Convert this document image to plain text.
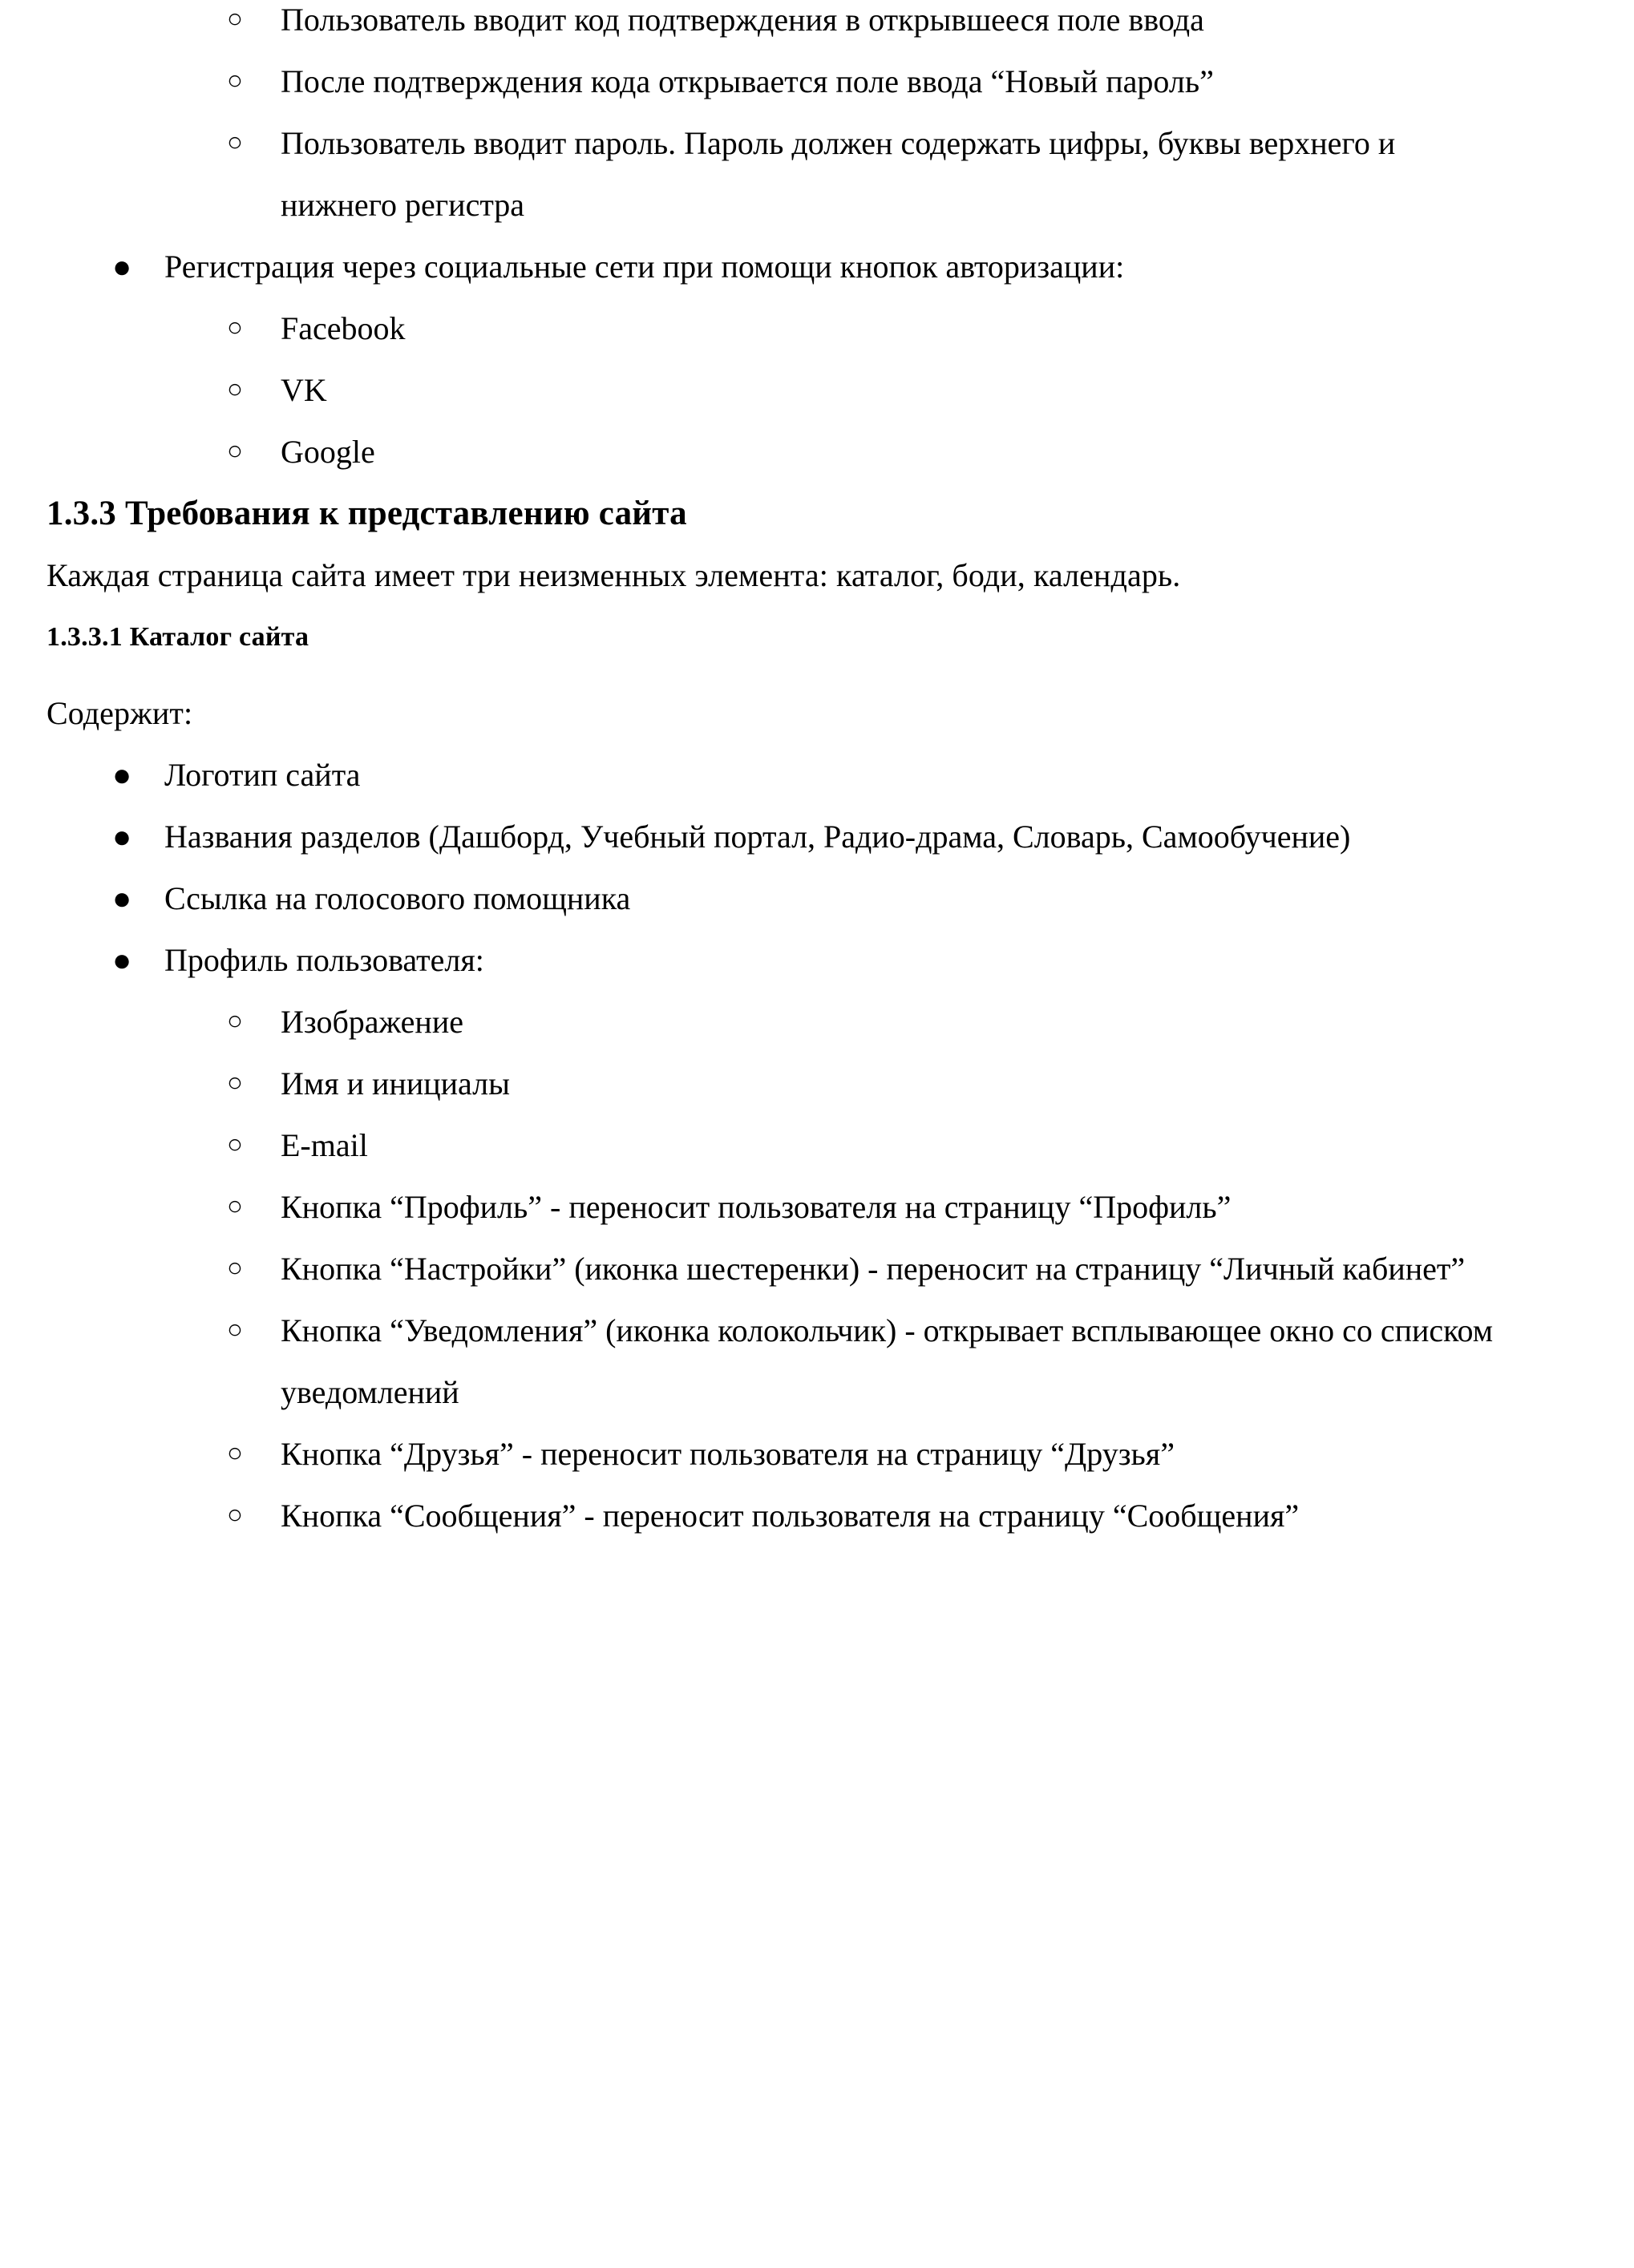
○	Пользователь вводит код подтверждения в открывшееся поле ввода
○	После подтверждения кода открывается поле ввода “Новый пароль”
○	Пользователь вводит пароль. Пароль должен содержать цифры, буквы верхнего и нижнего регистра
● Регистрация через социальные сети при помощи кнопок авторизации:
○	Facebook
○	VK
○	Google
1.3.3 Требования к представлению сайта

Каждая страница сайта имеет три неизменных элемента: каталог, боди, календарь.

1.3.3.1 Каталог сайта

Содержит:

● Логотип сайта
● Названия разделов (Дашборд, Учебный портал, Радио-драма, Словарь, Самообучение)
● Ссылка на голосового помощника
● Профиль пользователя:
○	Изображение
○	Имя и инициалы
○	E-mail
○	Кнопка “Профиль” - переносит пользователя на страницу “Профиль”
○	Кнопка “Настройки” (иконка шестеренки) - переносит на страницу “Личный кабинет”
○	Кнопка “Уведомления” (иконка колокольчик) - открывает всплывающее окно со списком уведомлений
○	Кнопка “Друзья” - переносит пользователя на страницу “Друзья”
○	Кнопка “Сообщения” - переносит пользователя на страницу “Сообщения”
